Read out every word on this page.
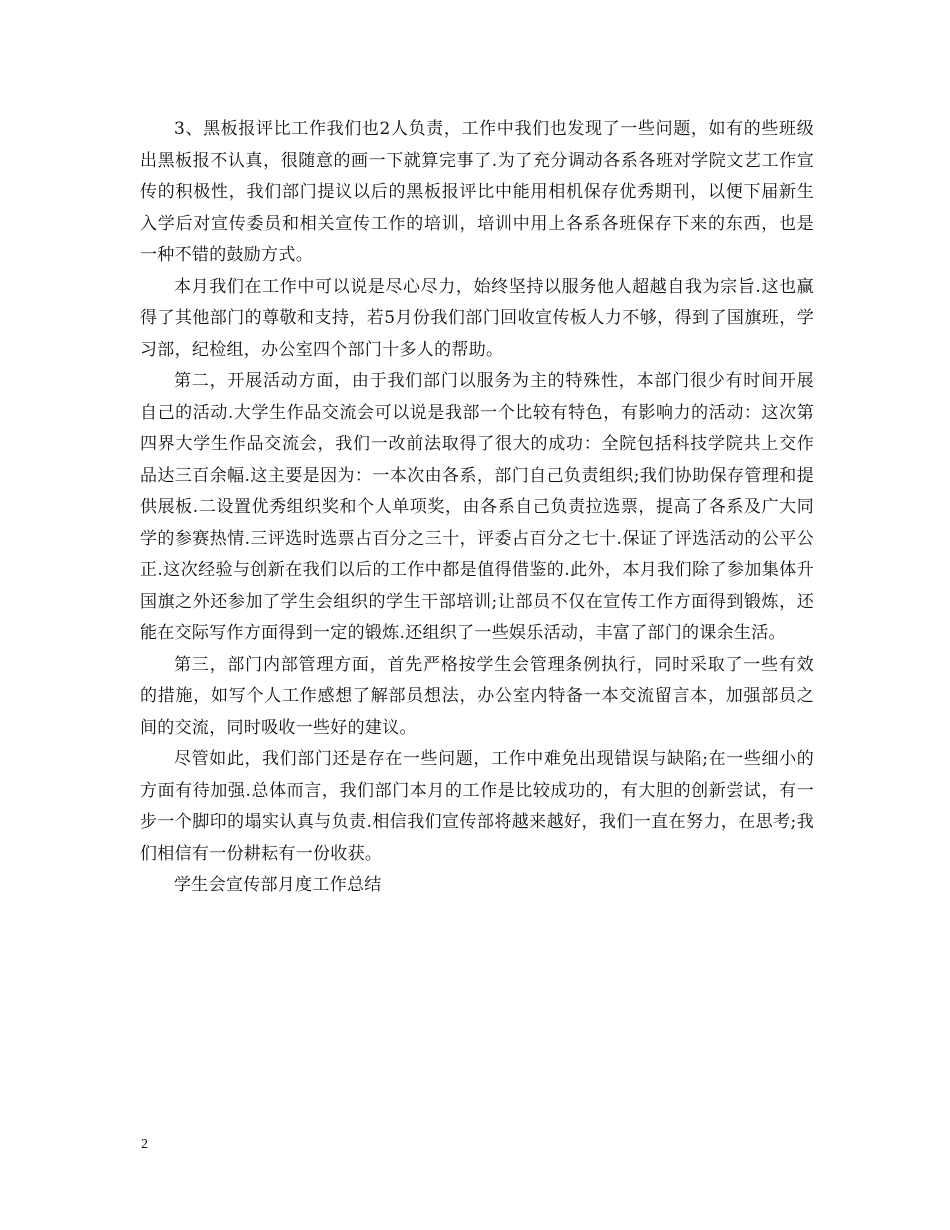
3、黑板报评比工作我们也2人负责，工作中我们也发现了一些问题，如有的些班级出黑板报不认真，很随意的画一下就算完事了.为了充分调动各系各班对学院文艺工作宣传的积极性，我们部门提议以后的黑板报评比中能用相机保存优秀期刊，以便下届新生入学后对宣传委员和相关宣传工作的培训，培训中用上各系各班保存下来的东西，也是一种不错的鼓励方式。

本月我们在工作中可以说是尽心尽力，始终坚持以服务他人超越自我为宗旨.这也赢得了其他部门的尊敬和支持，若5月份我们部门回收宣传板人力不够，得到了国旗班，学习部，纪检组，办公室四个部门十多人的帮助。

第二，开展活动方面，由于我们部门以服务为主的特殊性，本部门很少有时间开展自己的活动.大学生作品交流会可以说是我部一个比较有特色，有影响力的活动：这次第四界大学生作品交流会，我们一改前法取得了很大的成功：全院包括科技学院共上交作品达三百余幅.这主要是因为：一本次由各系，部门自己负责组织;我们协助保存管理和提供展板.二设置优秀组织奖和个人单项奖，由各系自己负责拉选票，提高了各系及广大同学的参赛热情.三评选时选票占百分之三十，评委占百分之七十.保证了评选活动的公平公正.这次经验与创新在我们以后的工作中都是值得借鉴的.此外，本月我们除了参加集体升国旗之外还参加了学生会组织的学生干部培训;让部员不仅在宣传工作方面得到锻炼，还能在交际写作方面得到一定的锻炼.还组织了一些娱乐活动，丰富了部门的课余生活。

第三，部门内部管理方面，首先严格按学生会管理条例执行，同时采取了一些有效的措施，如写个人工作感想了解部员想法，办公室内特备一本交流留言本，加强部员之间的交流，同时吸收一些好的建议。

尽管如此，我们部门还是存在一些问题，工作中难免出现错误与缺陷;在一些细小的方面有待加强.总体而言，我们部门本月的工作是比较成功的，有大胆的创新尝试，有一步一个脚印的塌实认真与负责.相信我们宣传部将越来越好，我们一直在努力，在思考;我们相信有一份耕耘有一份收获。

学生会宣传部月度工作总结

2
